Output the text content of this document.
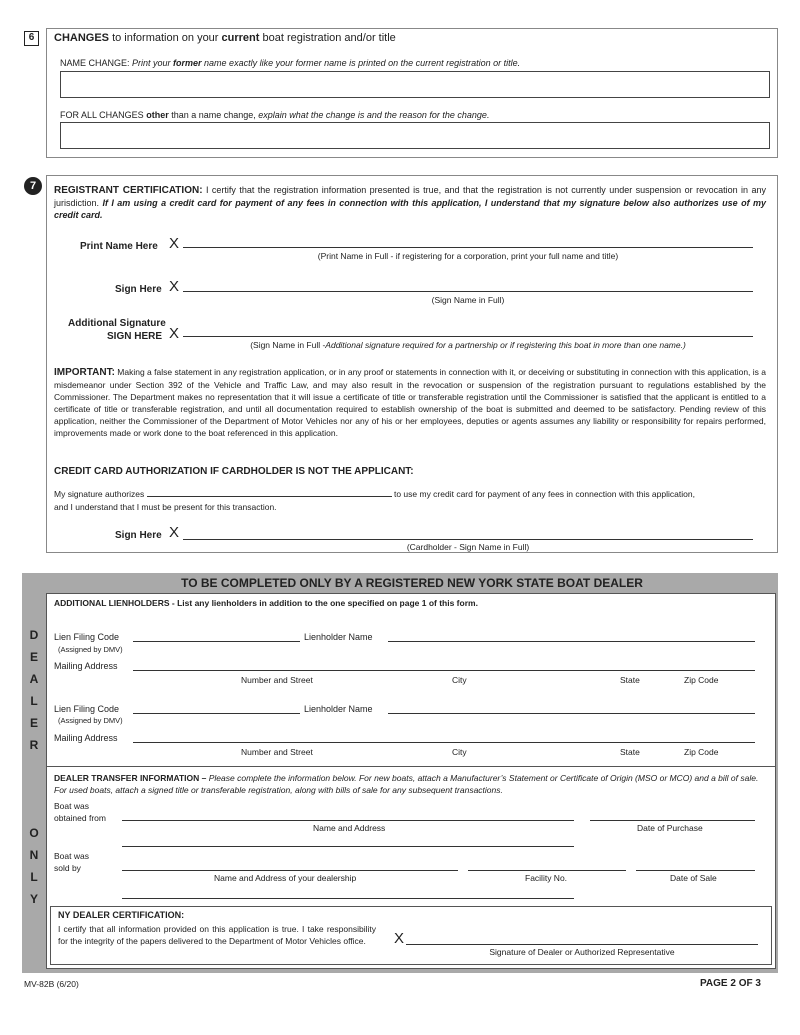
6	CHANGES to information on your current boat registration and/or title
NAME CHANGE: Print your former name exactly like your former name is printed on the current registration or title.
FOR ALL CHANGES other than a name change, explain what the change is and the reason for the change.
7	REGISTRANT CERTIFICATION: I certify that the registration information presented is true, and that the registration is not currently under suspension or revocation in any jurisdiction. If I am using a credit card for payment of any fees in connection with this application, I understand that my signature below also authorizes use of my credit card.
Print Name Here X
(Print Name in Full - if registering for a corporation, print your full name and title)
Sign Here X
(Sign Name in Full)
Additional Signature
SIGN HERE X
(Sign Name in Full -Additional signature required for a partnership or if registering this boat in more than one name.)
IMPORTANT: Making a false statement in any registration application, or in any proof or statements in connection with it, or deceiving or substituting in connection with this application, is a misdemeanor under Section 392 of the Vehicle and Traffic Law, and may also result in the revocation or suspension of the registration pursuant to regulations established by the Commissioner. The Department makes no representation that it will issue a certificate of title or transferable registration until the Commissioner is satisfied that the applicant is entitled to a certificate of title or transferable registration, and until all documentation required to establish ownership of the boat is submitted and deemed to be satisfactory. Pending review of this application, neither the Commissioner of the Department of Motor Vehicles nor any of his or her employees, deputies or agents assumes any liability or responsibility for repairs performed, improvements made or work done to the boat referenced in this application.
CREDIT CARD AUTHORIZATION IF CARDHOLDER IS NOT THE APPLICANT:
My signature authorizes	to use my credit card for payment of any fees in connection with this application,
and I understand that I must be present for this transaction.
Sign Here X
(Cardholder - Sign Name in Full)
TO BE COMPLETED ONLY BY A REGISTERED NEW YORK STATE BOAT DEALER
D
E
A
L
E
R
O
N
L
Y
ADDITIONAL LIENHOLDERS - List any lienholders in addition to the one specified on page 1 of this form.
Lien Filing Code
(Assigned by DMV)
Lienholder Name
Mailing Address
Number and Street	City	State	Zip Code
Lien Filing Code
(Assigned by DMV)
Lienholder Name
Mailing Address
Number and Street	City	State	Zip Code
DEALER TRANSFER INFORMATION – Please complete the information below. For new boats, attach a Manufacturer’s Statement or Certificate of Origin (MSO or MCO) and a bill of sale. For used boats, attach a signed title or transferable registration, along with bills of sale for any subsequent transactions.
Boat was
obtained from
Name and Address	Date of Purchase
Boat was
sold by
Name and Address of your dealership	Facility No.	Date of Sale
NY DEALER CERTIFICATION:
I certify that all information provided on this application is true. I take responsibility for the integrity of the papers delivered to the Department of Motor Vehicles office.	X
Signature of Dealer or Authorized Representative
MV-82B (6/20)	PAGE 2 OF 3
